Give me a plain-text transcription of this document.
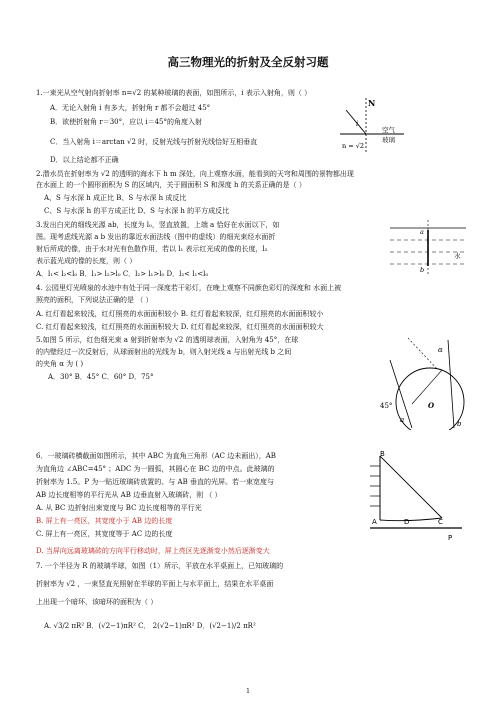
高三物理光的折射及全反射习题
1.一束光从空气射向折射率 n=√2 的某种玻璃的表面，如图所示，i 表示入射角，则（ ）
A．无论入射角 i 有多大，折射角 r 都不会超过 45°
B．欲使折射角 r＝30°，应以 i＝45°的角度入射
C．当入射角 i＝arctan √2 时，反射光线与折射光线恰好互相垂直
D．以上结论都不正确
2.潜水员在折射率为 √2 的透明的海水下 h m 深处，向上观察水面，能看到的天穹和周围的景物都出现
在水面上 的一个圆形面积为 S 的区域内，关于圆面积 S 和深度 h 的关系正确的是（ ）
A、S 与水深 h 成正比 B、S 与水深 h 成反比
C、S 与水深 h 的平方成正比 D、S 与水深 h 的平方成反比
3.发出白光的细线光源 ab，长度为 l₀，竖直放置，上端 a 恰好在水面以下，如
图。现考虑线光源 a b 发出的靠近水面法线（图中的虚线）的细光束经水面折
射后所成的像，由于水对光有色散作用，若以 l₁ 表示红光成的像的长度，l₂
表示蓝光成的像的长度，则（ ）
A．l₁< l₂<l₀ B．l₁> l₂>l₀ C．l₂> l₁>l₀ D．l₂< l₁<l₀
4. 公园里灯光喷泉的水池中有处于同一深度若干彩灯，在晚上观察不同颜色彩灯的深度和 水面上被
照亮的面积，下列说法正确的是 （ ）
A. 红灯看起来较浅，红灯照亮的水面面积较小 B. 红灯看起来较深，红灯照亮的水面面积较小
C. 红灯看起来较浅，红灯照亮的水面面积较大 D. 红灯看起来较深，红灯照亮的水面面积较大
5.如图 5 所示，红色细光束 a 射到折射率为 √2 的透明球表面，入射角为 45°，在球
的内壁经过一次反射后，从球面射出的光线为 b，则入射光线 a 与出射光线 b 之间
的夹角 α 为 ( )
A．30° B．45° C．60° D．75°
6．一玻璃砖横截面如图所示，其中 ABC 为直角三角形（AC 边未画出），AB
为直角边 ∠ABC=45° ；ADC 为一圆弧，其圆心在 BC 边的中点。此玻璃的
折射率为 1.5。P 为一贴近玻璃砖放置的、与 AB 垂直的光屏。若一束宽度与
AB 边长度相等的平行光从 AB 边垂直射入玻璃砖，则 （ ）
A. 从 BC 边折射出束宽度与 BC 边长度相等的平行光
B. 屏上有一亮区，其宽度小于 AB 边的长度
C. 屏上有一亮区，其宽度等于 AC 边的长度
D. 当屏向远离玻璃砖的方向平行移动时，屏上亮区先逐渐变小然后逐渐变大
7. 一个半径为 R 的玻璃半球，如图（1）所示，平放在水平桌面上，已知玻璃的
折射率为 √2 ，一束竖直光照射在半球的平面上与水平面上，结果在水平桌面
上出现一个暗环，该暗环的面积为（ ）
A. √3/2 πR² B．(√2−1)πR² C． 2(√2−1)πR² D．(√2−1)/2 πR²
N
i
空气
玻璃
n = √2
a
b
水
α
45°
a
O
b
B
A	D	C
P
1
